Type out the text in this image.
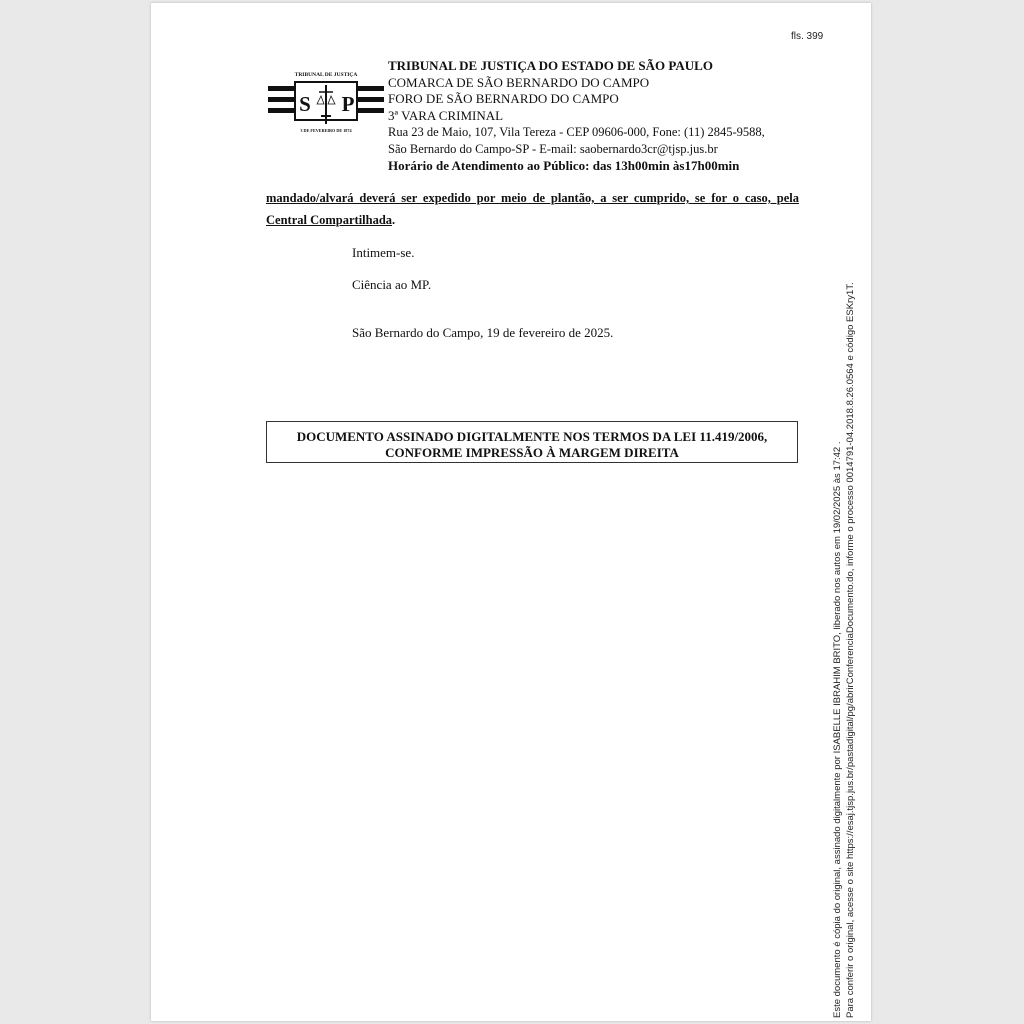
fls. 399
TRIBUNAL DE JUSTIÇA
S P
3 DE FEVEREIRO DE 1874
TRIBUNAL DE JUSTIÇA DO ESTADO DE SÃO PAULO
COMARCA DE SÃO BERNARDO DO CAMPO
FORO DE SÃO BERNARDO DO CAMPO
3ª VARA CRIMINAL
Rua 23 de Maio, 107, Vila Tereza - CEP 09606-000, Fone: (11) 2845-9588,
São Bernardo do Campo-SP - E-mail: saobernardo3cr@tjsp.jus.br
Horário de Atendimento ao Público: das 13h00min às17h00min
mandado/alvará deverá ser expedido por meio de plantão, a ser cumprido, se for o caso, pela
Central Compartilhada.
Intimem-se.
Ciência ao MP.
São Bernardo do Campo, 19 de fevereiro de 2025.
DOCUMENTO ASSINADO DIGITALMENTE NOS TERMOS DA LEI 11.419/2006,
CONFORME IMPRESSÃO À MARGEM DIREITA	Este documento é cópia do original, assinado digitalmente por ISABELLE IBRAHIM BRITO, liberado nos autos em 19/02/2025 às 17:42 . Para conferir o original, acesse o site https://esaj.tjsp.jus.br/pastadigital/pg/abrirConferenciaDocumento.do, informe o processo 0014791-04.2018.8.26.0564 e código ESKry1T.
